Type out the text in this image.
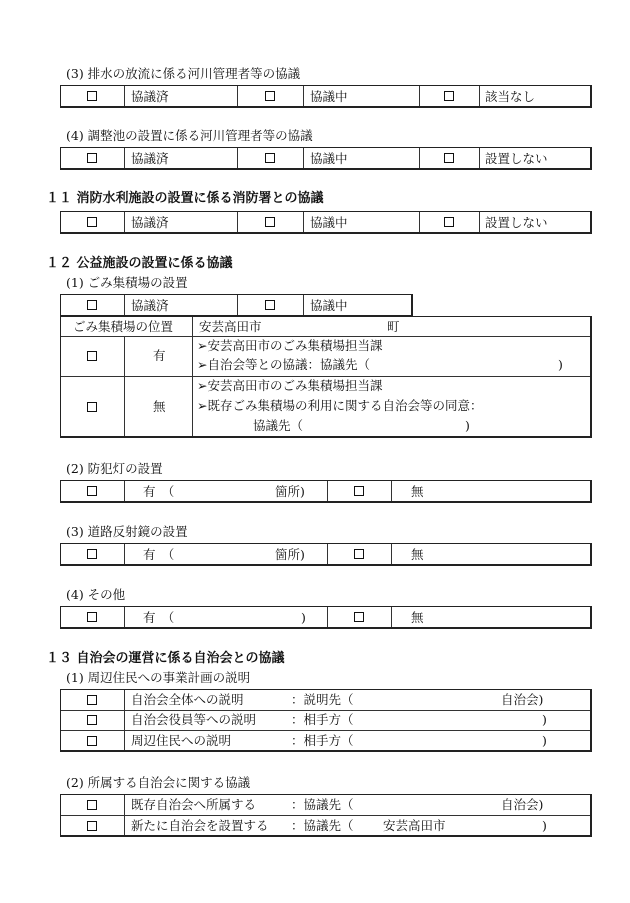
(3) 排水の放流に係る河川管理者等の協議
協議済	協議中	該当なし
(4) 調整池の設置に係る河川管理者等の協議
協議済	協議中	設置しない
１１ 消防水利施設の設置に係る消防署との協議
協議済	協議中	設置しない
１２ 公益施設の設置に係る協議
(1) ごみ集積場の設置
協議済	協議中
ごみ集積場の位置 安芸高田市	町
有
➢安芸高田市のごみ集積場担当課
➢自治会等との協議：協議先（	)
無
➢安芸高田市のごみ集積場担当課
➢既存ごみ集積場の利用に関する自治会等の同意：
協議先（	)
(2) 防犯灯の設置
有　（	箇所)	無
(3) 道路反射鏡の設置
有　（	箇所)	無
(4) その他
有　（	)	無
１３ 自治会の運営に係る自治会との協議
(1) 周辺住民への事業計画の説明
自治会全体への説明	：説明先（	自治会)
自治会役員等への説明	：相手方（	)
周辺住民への説明	：相手方（	)
(2) 所属する自治会に関する協議
既存自治会へ所属する	：協議先（	自治会)
新たに自治会を設置する ：協議先（ 安芸高田市	)
